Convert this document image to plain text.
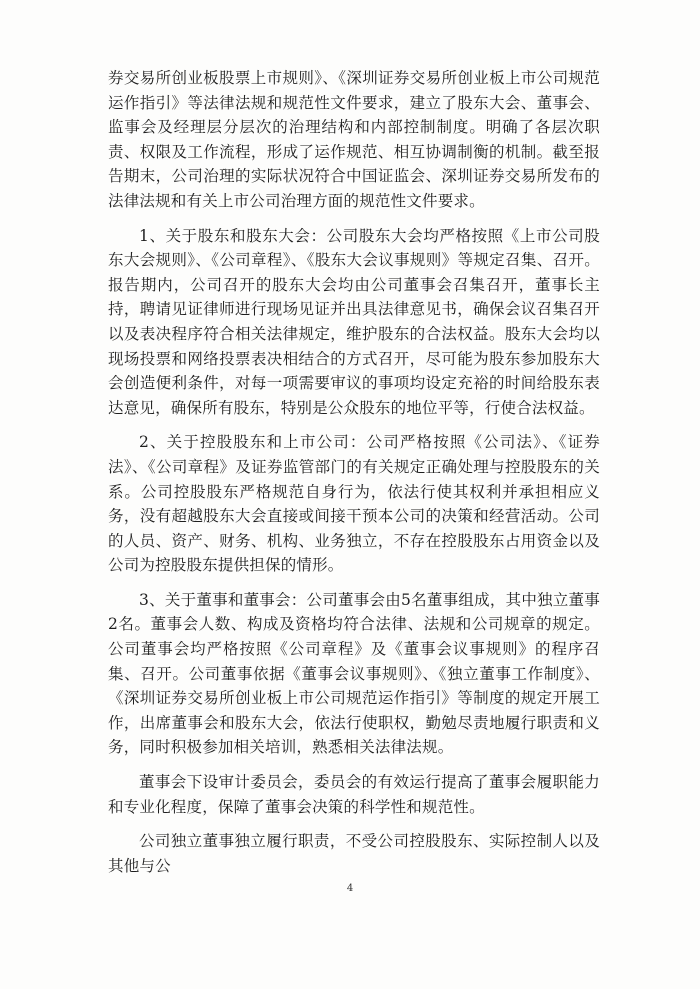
券交易所创业板股票上市规则》、《深圳证券交易所创业板上市公司规范运作指引》等法律法规和规范性文件要求，建立了股东大会、董事会、监事会及经理层分层次的治理结构和内部控制制度。明确了各层次职责、权限及工作流程，形成了运作规范、相互协调制衡的机制。截至报告期末，公司治理的实际状况符合中国证监会、深圳证券交易所发布的法律法规和有关上市公司治理方面的规范性文件要求。

1、关于股东和股东大会：公司股东大会均严格按照《上市公司股东大会规则》、《公司章程》、《股东大会议事规则》等规定召集、召开。报告期内，公司召开的股东大会均由公司董事会召集召开，董事长主持，聘请见证律师进行现场见证并出具法律意见书，确保会议召集召开以及表决程序符合相关法律规定，维护股东的合法权益。股东大会均以现场投票和网络投票表决相结合的方式召开，尽可能为股东参加股东大会创造便利条件，对每一项需要审议的事项均设定充裕的时间给股东表达意见，确保所有股东，特别是公众股东的地位平等，行使合法权益。

2、关于控股股东和上市公司：公司严格按照《公司法》、《证券法》、《公司章程》及证券监管部门的有关规定正确处理与控股股东的关系。公司控股股东严格规范自身行为，依法行使其权利并承担相应义务，没有超越股东大会直接或间接干预本公司的决策和经营活动。公司的人员、资产、财务、机构、业务独立，不存在控股股东占用资金以及公司为控股股东提供担保的情形。

3、关于董事和董事会：公司董事会由5名董事组成，其中独立董事2名。董事会人数、构成及资格均符合法律、法规和公司规章的规定。公司董事会均严格按照《公司章程》及《董事会议事规则》的程序召集、召开。公司董事依据《董事会议事规则》、《独立董事工作制度》、《深圳证券交易所创业板上市公司规范运作指引》等制度的规定开展工作，出席董事会和股东大会，依法行使职权，勤勉尽责地履行职责和义务，同时积极参加相关培训，熟悉相关法律法规。

董事会下设审计委员会，委员会的有效运行提高了董事会履职能力和专业化程度，保障了董事会决策的科学性和规范性。

公司独立董事独立履行职责，不受公司控股股东、实际控制人以及其他与公

4
